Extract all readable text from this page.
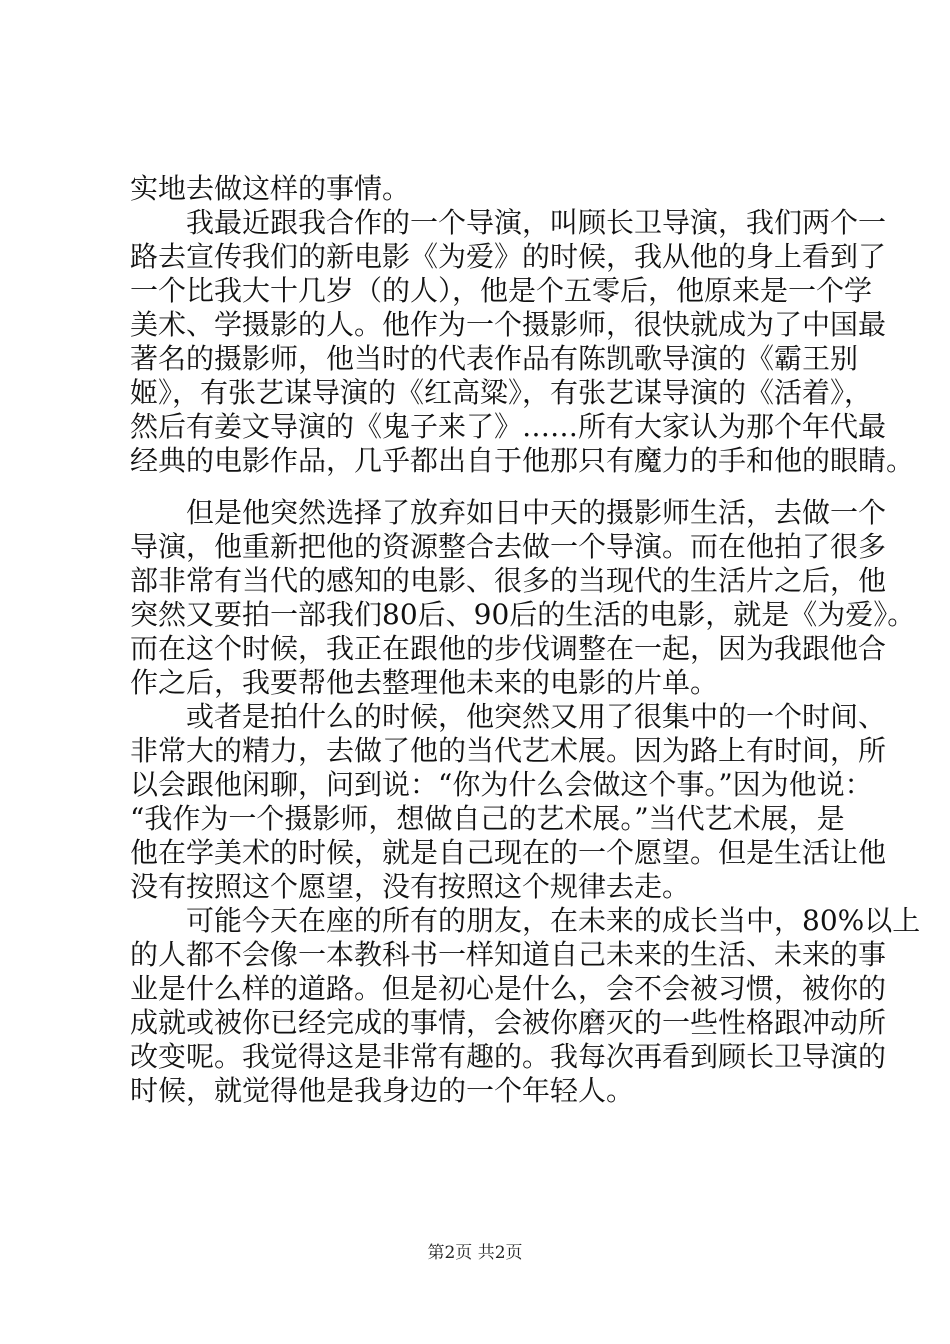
实地去做这样的事情。
　　我最近跟我合作的一个导演，叫顾长卫导演，我们两个一
路去宣传我们的新电影《为爱》的时候，我从他的身上看到了
一个比我大十几岁（的人），他是个五零后，他原来是一个学
美术、学摄影的人。他作为一个摄影师，很快就成为了中国最
著名的摄影师，他当时的代表作品有陈凯歌导演的《霸王别
姬》，有张艺谋导演的《红高粱》，有张艺谋导演的《活着》，
然后有姜文导演的《鬼子来了》……所有大家认为那个年代最
经典的电影作品，几乎都出自于他那只有魔力的手和他的眼睛。
　　但是他突然选择了放弃如日中天的摄影师生活，去做一个
导演，他重新把他的资源整合去做一个导演。而在他拍了很多
部非常有当代的感知的电影、很多的当现代的生活片之后，他
突然又要拍一部我们80后、90后的生活的电影，就是《为爱》。
而在这个时候，我正在跟他的步伐调整在一起，因为我跟他合
作之后，我要帮他去整理他未来的电影的片单。
　　或者是拍什么的时候，他突然又用了很集中的一个时间、
非常大的精力，去做了他的当代艺术展。因为路上有时间，所
以会跟他闲聊，问到说：“你为什么会做这个事。”因为他说：
“我作为一个摄影师，想做自己的艺术展。”当代艺术展，是
他在学美术的时候，就是自己现在的一个愿望。但是生活让他
没有按照这个愿望，没有按照这个规律去走。
　　可能今天在座的所有的朋友，在未来的成长当中，80%以上
的人都不会像一本教科书一样知道自己未来的生活、未来的事
业是什么样的道路。但是初心是什么，会不会被习惯，被你的
成就或被你已经完成的事情，会被你磨灭的一些性格跟冲动所
改变呢。我觉得这是非常有趣的。我每次再看到顾长卫导演的
时候，就觉得他是我身边的一个年轻人。
第2页 共2页
